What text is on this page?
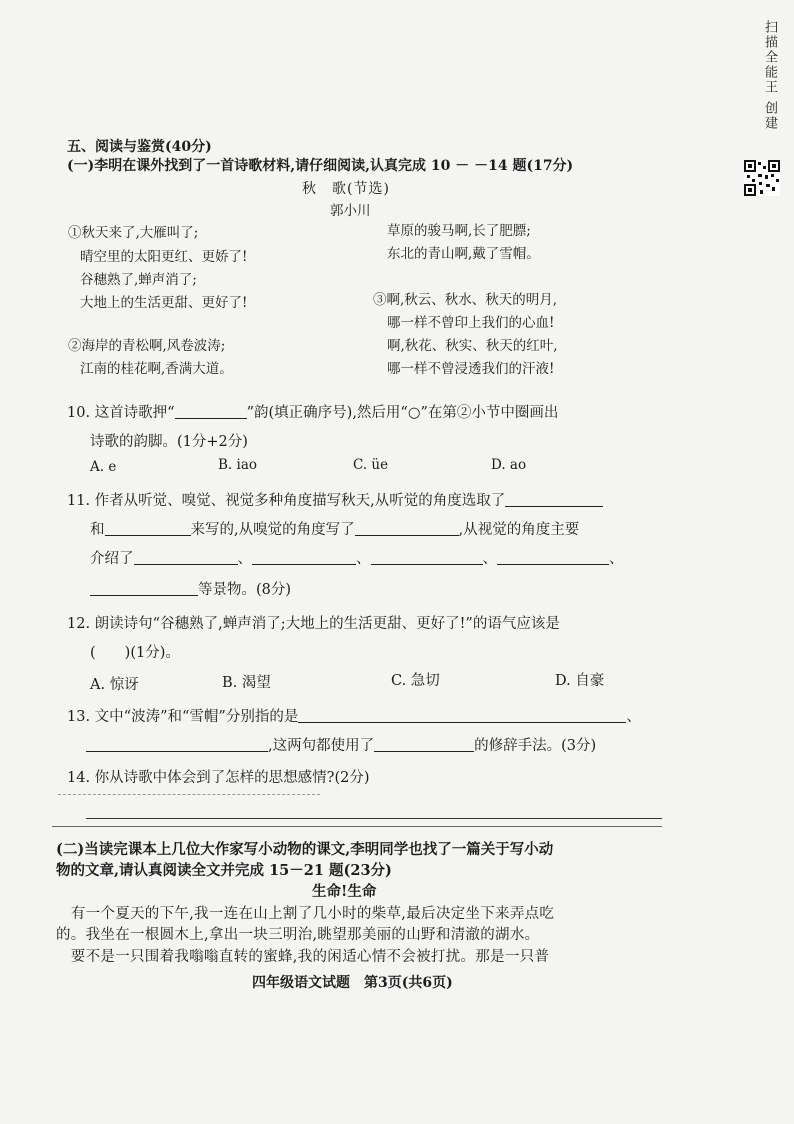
扫描全能王 创建
五、阅读与鉴赏(40分)
(一)李明在课外找到了一首诗歌材料,请仔细阅读,认真完成 10 － －14 题(17分)
秋　歌(节选)
郭小川
①秋天来了,大雁叫了;
晴空里的太阳更红、更娇了!
谷穗熟了,蝉声消了;
大地上的生活更甜、更好了!
②海岸的青松啊,风卷波涛;
江南的桂花啊,香满大道。
草原的骏马啊,长了肥膘;
东北的青山啊,戴了雪帽。
③啊,秋云、秋水、秋天的明月,
哪一样不曾印上我们的心血!
啊,秋花、秋实、秋天的红叶,
哪一样不曾浸透我们的汗液!
10. 这首诗歌押“	”韵(填正确序号),然后用“○”在第②小节中圈画出
诗歌的韵脚。(1分+2分)
A. e	B. iao	C. üe	D. ao
11. 作者从听觉、嗅觉、视觉多种角度描写秋天,从听觉的角度选取了
和	来写的,从嗅觉的角度写了	,从视觉的角度主要
介绍了	、	、	、	、
等景物。(8分)
12. 朗读诗句“谷穗熟了,蝉声消了;大地上的生活更甜、更好了!”的语气应该是
(　　)(1分)。
A. 惊讶	B. 渴望	C. 急切	D. 自豪
13. 文中“波涛”和“雪帽”分别指的是	、
,这两句都使用了	的修辞手法。(3分)
14. 你从诗歌中体会到了怎样的思想感情?(2分)
(二)当读完课本上几位大作家写小动物的课文,李明同学也找了一篇关于写小动
物的文章,请认真阅读全文并完成 15－21 题(23分)
生命!生命
　有一个夏天的下午,我一连在山上割了几小时的柴草,最后决定坐下来弄点吃
的。我坐在一根圆木上,拿出一块三明治,眺望那美丽的山野和清澈的湖水。
　要不是一只围着我嗡嗡直转的蜜蜂,我的闲适心情不会被打扰。那是一只普
四年级语文试题　第3页(共6页)
